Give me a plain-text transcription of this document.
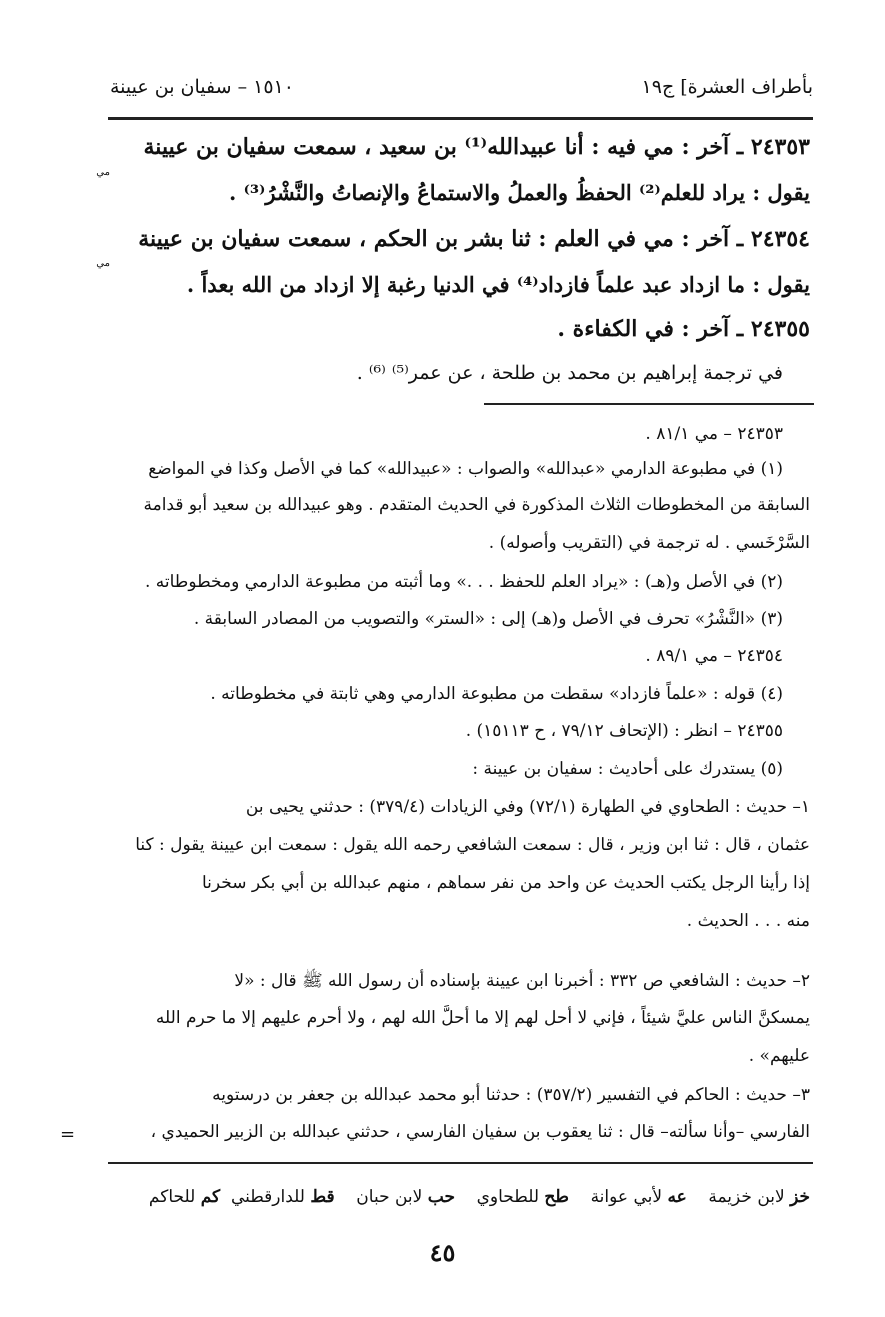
بأطراف العشرة] ج١٩
١٥١٠ – سفيان بن عيينة
٢٤٣٥٣ ـ آخر : مي فيه : أنا عبيدالله⁽¹⁾ بن سعيد ، سمعت سفيان بن عيينة
مي
يقول : يراد للعلم⁽²⁾ الحفظُ والعملُ والاستماعُ والإنصاتُ والنَّشْرُ⁽³⁾ .
٢٤٣٥٤ ـ آخر : مي في العلم : ثنا بشر بن الحكم ، سمعت سفيان بن عيينة
مي
يقول : ما ازداد عبد علماً فازداد⁽⁴⁾ في الدنيا رغبة إلا ازداد من الله بعداً .
٢٤٣٥٥ ـ آخر : في الكفاءة .
في ترجمة إبراهيم بن محمد بن طلحة ، عن عمر⁽⁵⁾ ⁽⁶⁾ .
٢٤٣٥٣ – مي ٨١/١ .
(١) في مطبوعة الدارمي «عبدالله» والصواب : «عبيدالله» كما في الأصل وكذا في المواضع
السابقة من المخطوطات الثلاث المذكورة في الحديث المتقدم . وهو عبيدالله بن سعيد أبو قدامة
السَّرْخَسي . له ترجمة في (التقريب وأصوله) .
(٢) في الأصل و(هـ) : «يراد العلم للحفظ . . .» وما أثبته من مطبوعة الدارمي ومخطوطاته .
(٣) «النَّشْرُ» تحرف في الأصل و(هـ) إلى : «الستر» والتصويب من المصادر السابقة .
٢٤٣٥٤ – مي ٨٩/١ .
(٤) قوله : «علماً فازداد» سقطت من مطبوعة الدارمي وهي ثابتة في مخطوطاته .
٢٤٣٥٥ – انظر : (الإتحاف ٧٩/١٢ ، ح ١٥١١٣) .
(٥) يستدرك على أحاديث : سفيان بن عيينة :
١– حديث : الطحاوي في الطهارة (٧٢/١) وفي الزيادات (٣٧٩/٤) : حدثني يحيى بن
عثمان ، قال : ثنا ابن وزير ، قال : سمعت الشافعي رحمه الله يقول : سمعت ابن عيينة يقول : كنا
إذا رأينا الرجل يكتب الحديث عن واحد من نفر سماهم ، منهم عبدالله بن أبي بكر سخرنا
منه . . . الحديث .
٢– حديث : الشافعي ص ٣٣٢ : أخبرنا ابن عيينة بإسناده أن رسول الله ﷺ قال : «لا
يمسكنَّ الناس عليَّ شيئاً ، فإني لا أحل لهم إلا ما أحلَّ الله لهم ، ولا أحرم عليهم إلا ما حرم الله
عليهم» .
٣– حديث : الحاكم في التفسير (٣٥٧/٢) : حدثنا أبو محمد عبدالله بن جعفر بن درستويه
الفارسي –وأنا سألته– قال : ثنا يعقوب بن سفيان الفارسي ، حدثني عبدالله بن الزبير الحميدي ،
=
خز لابن خزيمة    عه لأبي عوانة    طح للطحاوي    حب لابن حبان    قط للدارقطني  كم للحاكم
٤٥
